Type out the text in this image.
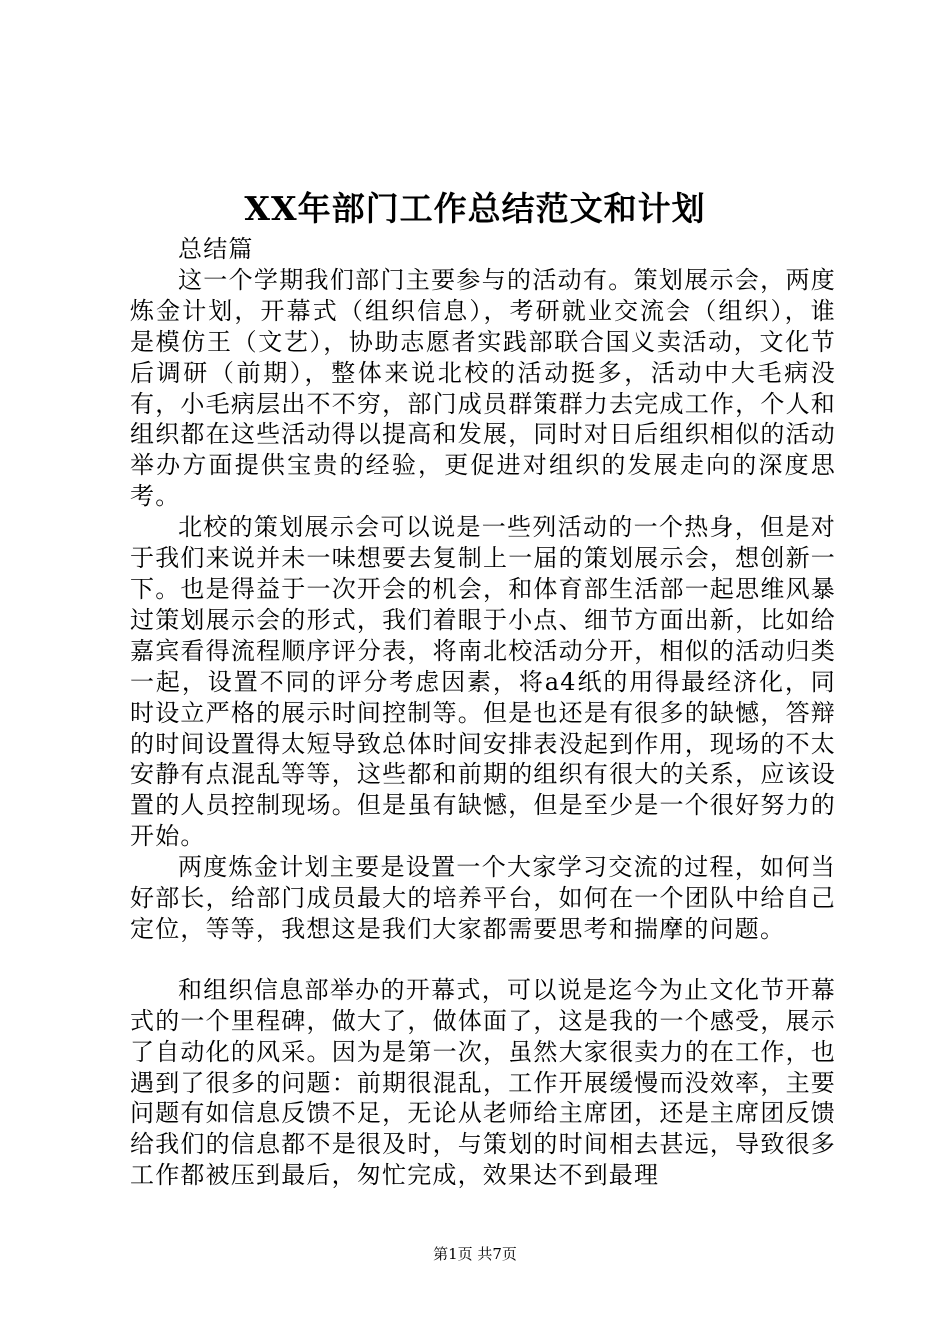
XX年部门工作总结范文和计划

总结篇

这一个学期我们部门主要参与的活动有。策划展示会，两度炼金计划，开幕式（组织信息），考研就业交流会（组织），谁是模仿王（文艺），协助志愿者实践部联合国义卖活动，文化节后调研（前期），整体来说北校的活动挺多，活动中大毛病没有，小毛病层出不不穷，部门成员群策群力去完成工作，个人和组织都在这些活动得以提高和发展，同时对日后组织相似的活动举办方面提供宝贵的经验，更促进对组织的发展走向的深度思考。

北校的策划展示会可以说是一些列活动的一个热身，但是对于我们来说并未一味想要去复制上一届的策划展示会，想创新一下。也是得益于一次开会的机会，和体育部生活部一起思维风暴过策划展示会的形式，我们着眼于小点、细节方面出新，比如给嘉宾看得流程顺序评分表，将南北校活动分开，相似的活动归类一起，设置不同的评分考虑因素，将a4纸的用得最经济化，同时设立严格的展示时间控制等。但是也还是有很多的缺憾，答辩的时间设置得太短导致总体时间安排表没起到作用，现场的不太安静有点混乱等等，这些都和前期的组织有很大的关系，应该设置的人员控制现场。但是虽有缺憾，但是至少是一个很好努力的开始。

两度炼金计划主要是设置一个大家学习交流的过程，如何当好部长，给部门成员最大的培养平台，如何在一个团队中给自己定位，等等，我想这是我们大家都需要思考和揣摩的问题。

和组织信息部举办的开幕式，可以说是迄今为止文化节开幕式的一个里程碑，做大了，做体面了，这是我的一个感受，展示了自动化的风采。因为是第一次，虽然大家很卖力的在工作，也遇到了很多的问题：前期很混乱，工作开展缓慢而没效率，主要问题有如信息反馈不足，无论从老师给主席团，还是主席团反馈给我们的信息都不是很及时，与策划的时间相去甚远，导致很多工作都被压到最后，匆忙完成，效果达不到最理

第1页 共7页
